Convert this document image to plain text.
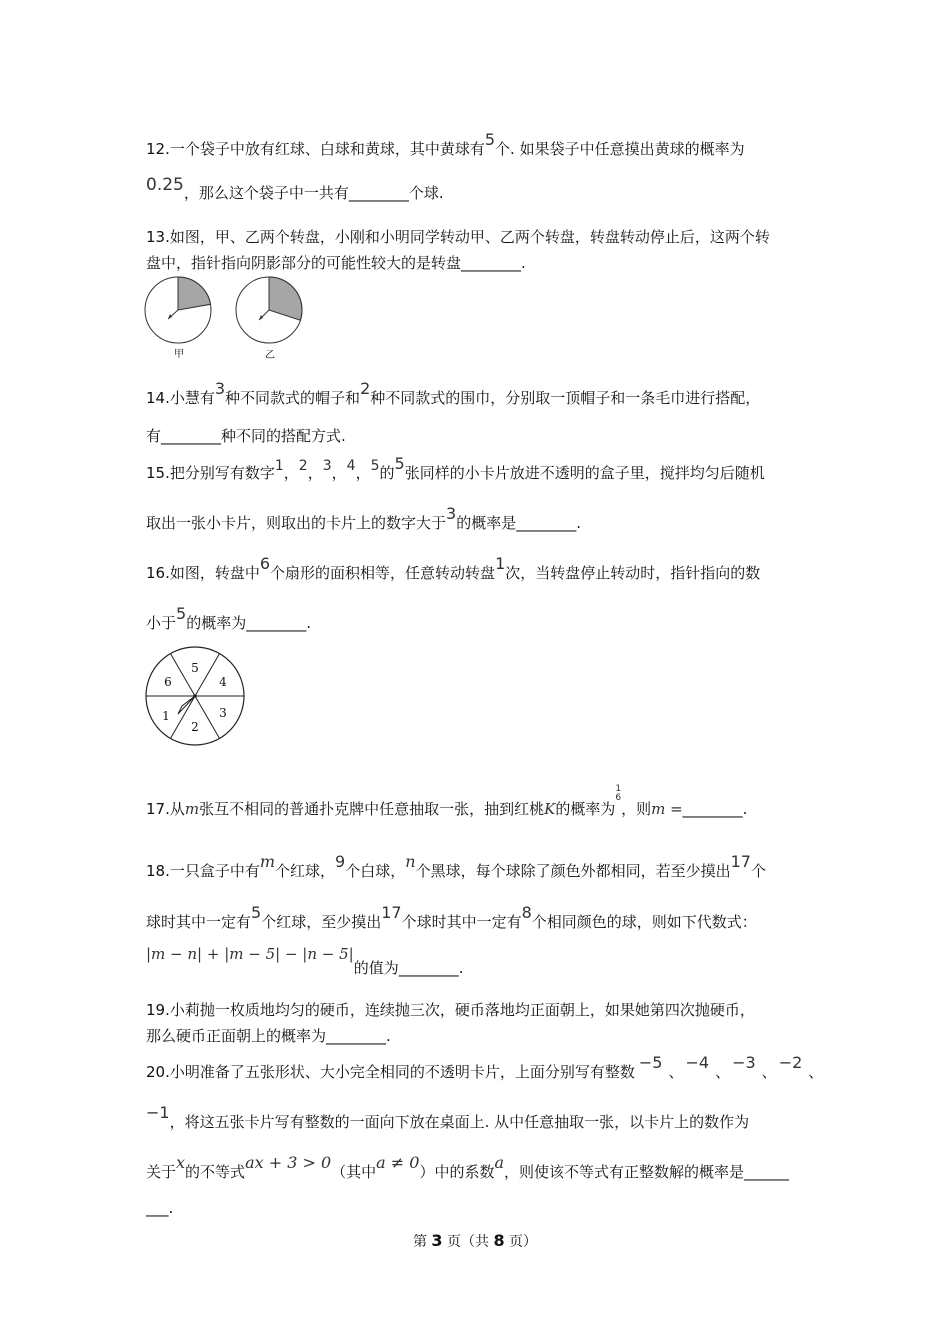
12.一个袋子中放有红球、白球和黄球，其中黄球有5个. 如果袋子中任意摸出黄球的概率为
0.25，那么这个袋子中一共有________个球.
13.如图，甲、乙两个转盘，小刚和小明同学转动甲、乙两个转盘，转盘转动停止后，这两个转
盘中，指针指向阴影部分的可能性较大的是转盘________.
甲	乙
14.小慧有3种不同款式的帽子和2种不同款式的围巾，分别取一顶帽子和一条毛巾进行搭配，
有________种不同的搭配方式.
15.把分别写有数字1，2，3，4，5的5张同样的小卡片放进不透明的盒子里，搅拌均匀后随机
取出一张小卡片，则取出的卡片上的数字大于3的概率是________.
16.如图，转盘中6个扇形的面积相等，任意转动转盘1次，当转盘停止转动时，指针指向的数
小于5的概率为________.
5
4
3
2
1
6
17.从m张互不相同的普通扑克牌中任意抽取一张，抽到红桃K的概率为1
6，则m =________.
18.一只盒子中有m个红球，9个白球，n个黑球，每个球除了颜色外都相同，若至少摸出17个
球时其中一定有5个红球，至少摸出17个球时其中一定有8个相同颜色的球，则如下代数式：
|m − n| + |m − 5| − |n − 5|的值为________.
19.小莉抛一枚质地均匀的硬币，连续抛三次，硬币落地均正面朝上，如果她第四次抛硬币，
那么硬币正面朝上的概率为________.
20.小明准备了五张形状、大小完全相同的不透明卡片，上面分别写有整数 −5 、 −4 、 −3 、 −2 、
−1，将这五张卡片写有整数的一面向下放在桌面上. 从中任意抽取一张，以卡片上的数作为
关于x的不等式ax + 3 > 0（其中a ≠ 0）中的系数a，则使该不等式有正整数解的概率是______
___.
第 3 页（共 8 页）
